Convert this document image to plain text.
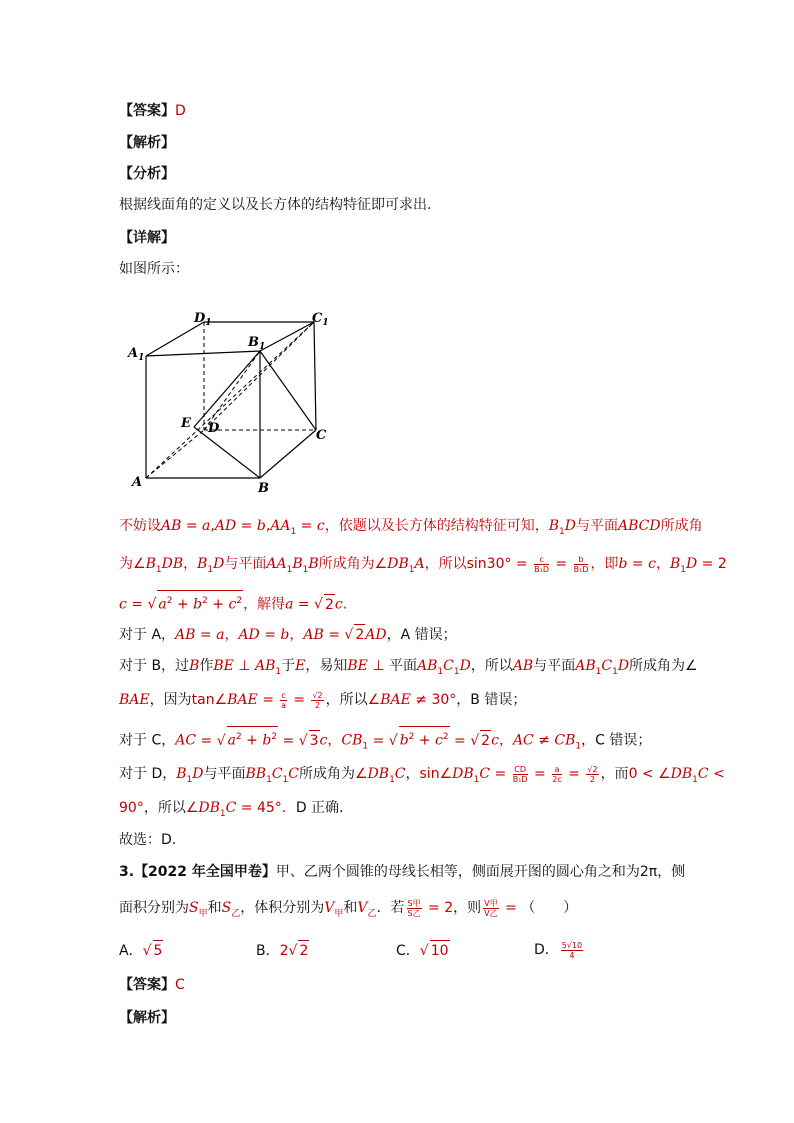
【答案】D
【解析】
【分析】
根据线面角的定义以及长方体的结构特征即可求出.
【详解】
如图所示：
$D_1$	$C_1$
$A_1$
$B_1$
E D	C
A	B
不妨设AB = $a,AD = b,AA_1 = c$，依题以及长方体的结构特征可知，$B_1D$与平面ABCD所成角
为$\angle B_1DB$，$B_1D$与平面$AA_1B_1B$所成角为$\angle DB_1A$，所以$\sin 30^\circ = \frac{c}{\text{B₁D}} = \frac{b}{\text{B₁D}}$ ，即b = c，$B_1D = 2$
c = √ $a^2 + b^2 + c^2$，解得a = √ 2c.
对于 A，AB = a，AD = b，AB = √ 2AD，A 错误；
对于 B，过B作BE ⊥ $AB_1$于E，易知BE ⊥ 平面$AB_1C_1D$，所以AB与平面$AB_1C_1D$所成角为∠
BAE，因为tan∠BAE = $\frac{c}{a} = \frac{√2}{2}$ ，所以∠BAE ≠ 30°，B 错误；
对于 C，AC = √ $a^2 + b^2$ = √ 3c，$CB_1$ = √ $b^2 + c^2$ = √ 2c，AC ≠ $CB_1$，C 错误；
对于 D，$B_1D$与平面$BB_1C_1C$所成角为$\angle DB_1C$，$\sin\angle DB_1C = \frac{CD}{\text{B₁D}} = \frac{a}{2c} = \frac{√2}{2}$ ，而$0 < \angle DB_1C$ <
90°，所以$\angle DB_1C = 45^\circ$．D 正确.
故选：D.
3.【2022 年全国甲卷】甲、乙两个圆锥的母线长相等，侧面展开图的圆心角之和为2π，侧
面积分别为$S_甲$和$S_乙$，体积分别为$V_甲$和$V_乙$．若 $\frac{\text{S甲}}{\text{S乙}} = 2$，则 $\frac{\text{V甲}}{\text{V乙}}$ = （　　）
A．√ 5	B．2√ 2	C．√ 10	D． $\frac{5√10}{4}$
【答案】C
【解析】
